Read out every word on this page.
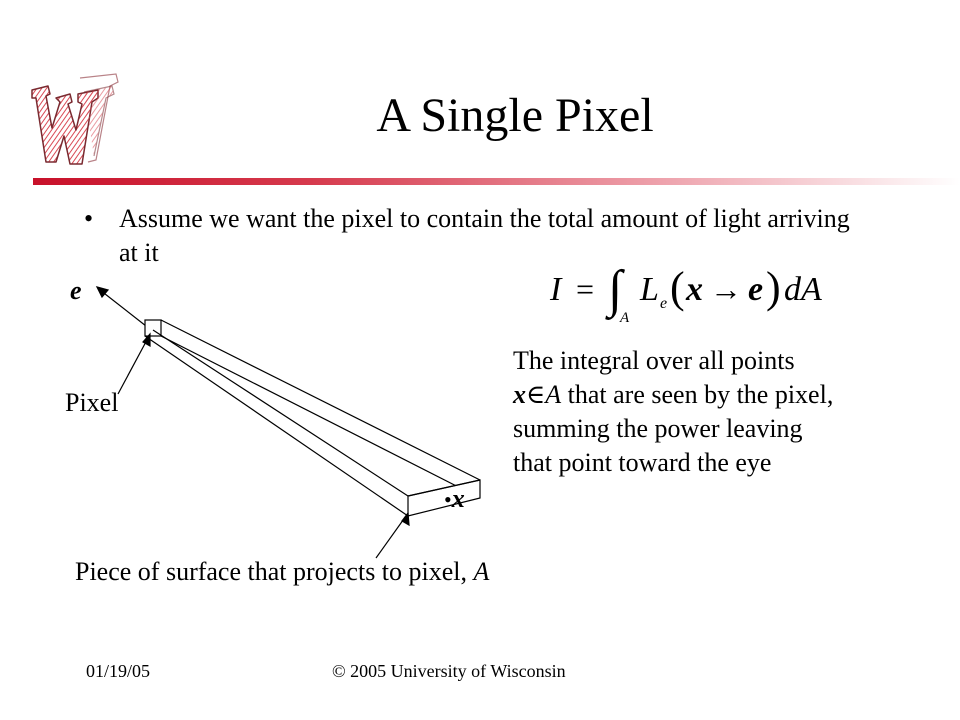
A Single Pixel
• Assume we want the pixel to contain the total amount of light arriving at it
I = ∫
A
L e ( x → e ) dA
e
Pixel
•x
Piece of surface that projects to pixel, A
The integral over all points
x∈A that are seen by the pixel,
summing the power leaving
that point toward the eye
01/19/05	© 2005 University of Wisconsin
